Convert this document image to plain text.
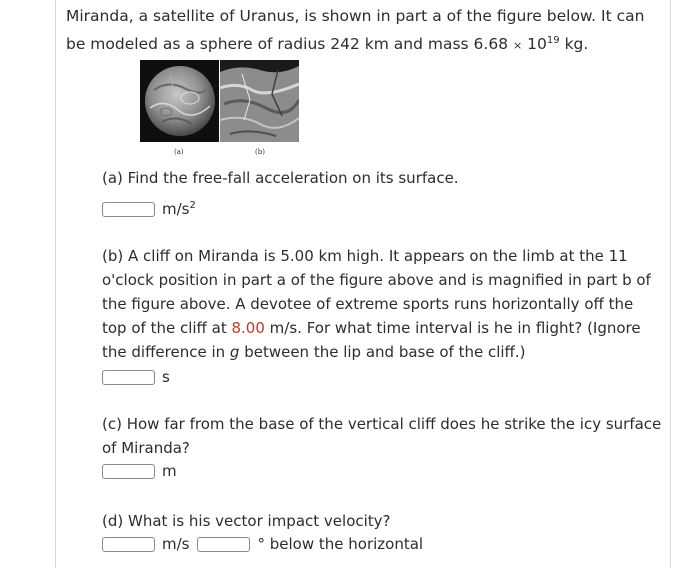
Miranda, a satellite of Uranus, is shown in part a of the figure below. It can
be modeled as a sphere of radius 242 km and mass $6.68 \times 10^{19}$ kg.
(a)	(b)
(a) Find the free-fall acceleration on its surface.
$m/s^2$
(b) A cliff on Miranda is 5.00 km high. It appears on the limb at the 11 o'clock position in part a of the figure above and is magnified in part b of the figure above. A devotee of extreme sports runs horizontally off the top of the cliff at 8.00 m/s. For what time interval is he in flight? (Ignore the difference in g between the lip and base of the cliff.)
s
(c) How far from the base of the vertical cliff does he strike the icy surface of Miranda?
m
(d) What is his vector impact velocity?
m/s	° below the horizontal
